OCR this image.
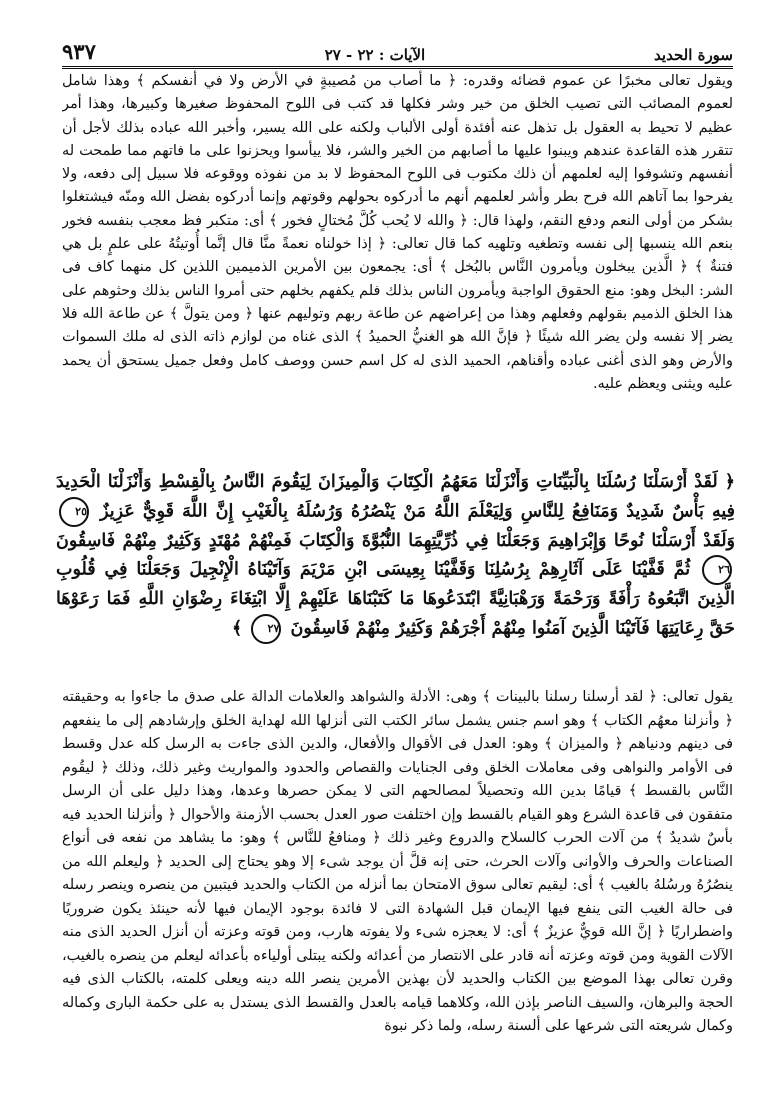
سورة الحديد
الآيات : ٢٢ - ٢٧
٩٣٧

ويقول تعالى مخبرًا عن عموم قضائه وقدره: ﴿ ما أصاب من مُصيبةٍ في الأرض ولا في أنفسكم ﴾ وهذا شامل لعموم المصائب التى تصيب الخلق من خير وشر فكلها قد كتب فى اللوح المحفوظ صغيرها وكبيرها، وهذا أمر عظيم لا تحيط به العقول بل تذهل عنه أفئدة أولى الألباب ولكنه على الله يسير، وأخبر الله عباده بذلك لأجل أن تتقرر هذه القاعدة عندهم ويبنوا عليها ما أصابهم من الخير والشر، فلا ييأسوا ويحزنوا على ما فاتهم مما طمحت له أنفسهم وتشوفوا إليه لعلمهم أن ذلك مكتوب فى اللوح المحفوظ لا بد من نفوذه ووقوعه فلا سبيل إلى دفعه، ولا يفرحوا بما آتاهم الله فرح بطر وأشر لعلمهم أنهم ما أدركوه بحولهم وقوتهم وإنما أدركوه بفضل الله ومنّه فيشتغلوا بشكر من أولى النعم ودفع النقم، ولهذا قال: ﴿ والله لا يُحب كُلَّ مُختالٍ فخور ﴾ أى: متكبر فظ معجب بنفسه فخور بنعم الله ينسبها إلى نفسه وتطغيه وتلهيه كما قال تعالى: ﴿ إذا خولناه نعمةً منَّا قال إنَّما أُوتيتُهُ على علمٍ بل هي فتنةٌ ﴾ ﴿ الَّذين يبخلون ويأمرون النَّاس بالبُخل ﴾ أى: يجمعون بين الأمرين الذميمين اللذين كل منهما كاف فى الشر: البخل وهو: منع الحقوق الواجبة ويأمرون الناس بذلك فلم يكفهم بخلهم حتى أمروا الناس بذلك وحثوهم على هذا الخلق الذميم بقولهم وفعلهم وهذا من إعراضهم عن طاعة ربهم وتوليهم عنها ﴿ ومن يتولَّ ﴾ عن طاعة الله فلا يضر إلا نفسه ولن يضر الله شيئًا ﴿ فإنَّ الله هو الغنيُّ الحميدُ ﴾ الذى غناه من لوازم ذاته الذى له ملك السموات والأرض وهو الذى أغنى عباده وأقناهم، الحميد الذى له كل اسم حسن ووصف كامل وفعل جميل يستحق أن يحمد عليه ويثنى ويعظم عليه.

﴿ لَقَدْ أَرْسَلْنَا رُسُلَنَا بِالْبَيِّنَاتِ وَأَنْزَلْنَا مَعَهُمُ الْكِتَابَ وَالْمِيزَانَ لِيَقُومَ النَّاسُ بِالْقِسْطِ وَأَنْزَلْنَا الْحَدِيدَ فِيهِ بَأْسٌ شَدِيدٌ وَمَنَافِعُ لِلنَّاسِ وَلِيَعْلَمَ اللَّهُ مَنْ يَنْصُرُهُ وَرُسُلَهُ بِالْغَيْبِ إِنَّ اللَّهَ قَوِيٌّ عَزِيزٌ ٢٥ وَلَقَدْ أَرْسَلْنَا نُوحًا وَإِبْرَاهِيمَ وَجَعَلْنَا فِي ذُرِّيَّتِهِمَا النُّبُوَّةَ وَالْكِتَابَ فَمِنْهُمْ مُهْتَدٍ وَكَثِيرٌ مِنْهُمْ فَاسِقُونَ ٢٦ ثُمَّ قَفَّيْنَا عَلَى آثَارِهِمْ بِرُسُلِنَا وَقَفَّيْنَا بِعِيسَى ابْنِ مَرْيَمَ وَآتَيْنَاهُ الْإِنْجِيلَ وَجَعَلْنَا فِي قُلُوبِ الَّذِينَ اتَّبَعُوهُ رَأْفَةً وَرَحْمَةً وَرَهْبَانِيَّةً ابْتَدَعُوهَا مَا كَتَبْنَاهَا عَلَيْهِمْ إِلَّا ابْتِغَاءَ رِضْوَانِ اللَّهِ فَمَا رَعَوْهَا حَقَّ رِعَايَتِهَا فَآتَيْنَا الَّذِينَ آمَنُوا مِنْهُمْ أَجْرَهُمْ وَكَثِيرٌ مِنْهُمْ فَاسِقُونَ ٢٧ ﴾

يقول تعالى: ﴿ لقد أرسلنا رسلنا بالبينات ﴾ وهى: الأدلة والشواهد والعلامات الدالة على صدق ما جاءوا به وحقيقته ﴿ وأنزلنا معهُم الكتاب ﴾ وهو اسم جنس يشمل سائر الكتب التى أنزلها الله لهداية الخلق وإرشادهم إلى ما ينفعهم فى دينهم ودنياهم ﴿ والميزان ﴾ وهو: العدل فى الأقوال والأفعال، والدين الذى جاءت به الرسل كله عدل وقسط فى الأوامر والنواهى وفى معاملات الخلق وفى الجنايات والقصاص والحدود والمواريث وغير ذلك، وذلك ﴿ ليقُوم النَّاس بالقسط ﴾ قيامًا بدين الله وتحصيلاً لمصالحهم التى لا يمكن حصرها وعدها، وهذا دليل على أن الرسل متفقون فى قاعدة الشرع وهو القيام بالقسط وإن اختلفت صور العدل بحسب الأزمنة والأحوال ﴿ وأنزلنا الحديد فيه بأسٌ شديدٌ ﴾ من آلات الحرب كالسلاح والدروع وغير ذلك ﴿ ومنافعُ للنَّاس ﴾ وهو: ما يشاهد من نفعه فى أنواع الصناعات والحرف والأوانى وآلات الحرث، حتى إنه قلَّ أن يوجد شىء إلا وهو يحتاج إلى الحديد ﴿ وليعلم الله من ينصُرُهُ ورسُلهُ بالغيب ﴾ أى: ليقيم تعالى سوق الامتحان بما أنزله من الكتاب والحديد فيتبين من ينصره وينصر رسله فى حالة الغيب التى ينفع فيها الإيمان قبل الشهادة التى لا فائدة بوجود الإيمان فيها لأنه حينئذ يكون ضروريًا واضطراريًا ﴿ إنَّ الله قويٌّ عزيزٌ ﴾ أى: لا يعجزه شىء ولا يفوته هارب، ومن قوته وعزته أن أنزل الحديد الذى منه الآلات القوية ومن قوته وعزته أنه قادر على الانتصار من أعدائه ولكنه يبتلى أولياءه بأعدائه ليعلم من ينصره بالغيب، وقرن تعالى بهذا الموضع بين الكتاب والحديد لأن بهذين الأمرين ينصر الله دينه ويعلى كلمته، بالكتاب الذى فيه الحجة والبرهان، والسيف الناصر بإذن الله، وكلاهما قيامه بالعدل والقسط الذى يستدل به على حكمة البارى وكماله وكمال شريعته التى شرعها على ألسنة رسله، ولما ذكر نبوة
